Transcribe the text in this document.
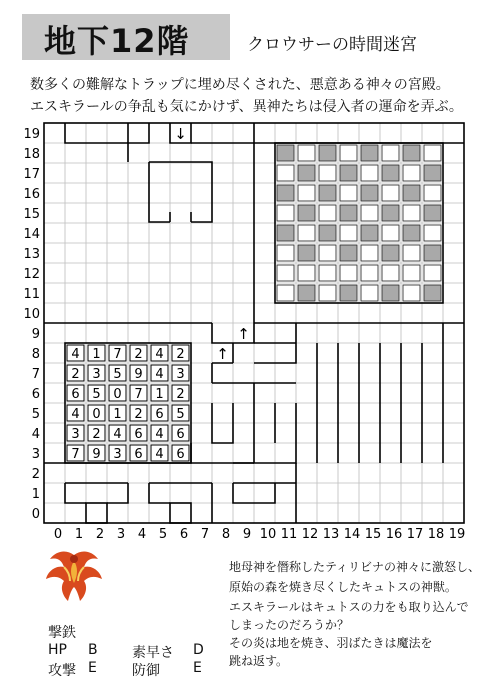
地下12階	クロウサーの時間迷宮
数多くの難解なトラップに埋め尽くされた、悪意ある神々の宮殿。
エスキラールの争乱も気にかけず、異神たちは侵入者の運命を弄ぶ。
4 1 7 2 4 2
2 3 5 9 4 3
6 5 0 7 1 2
4 0 1 2 6 5
3 2 4 6 4 6
7 9 3 6 4 6
↓
↑
↑
0 1 2 3 4 5 6 7 8 9 10 11 12 13 14 15 16 17 18 19
19
18
17
16
15
14
13
12
11
10
9
8
7
6
5
4
3
2
1
0
撃鉄
HP B 素早さ D
攻撃 E	防御 E
地母神を僭称したティリビナの神々に激怒し、
原始の森を焼き尽くしたキュトスの神獣。
エスキラールはキュトスの力をも取り込んで
しまったのだろうか？
その炎は地を焼き、羽ばたきは魔法を
跳ね返す。
